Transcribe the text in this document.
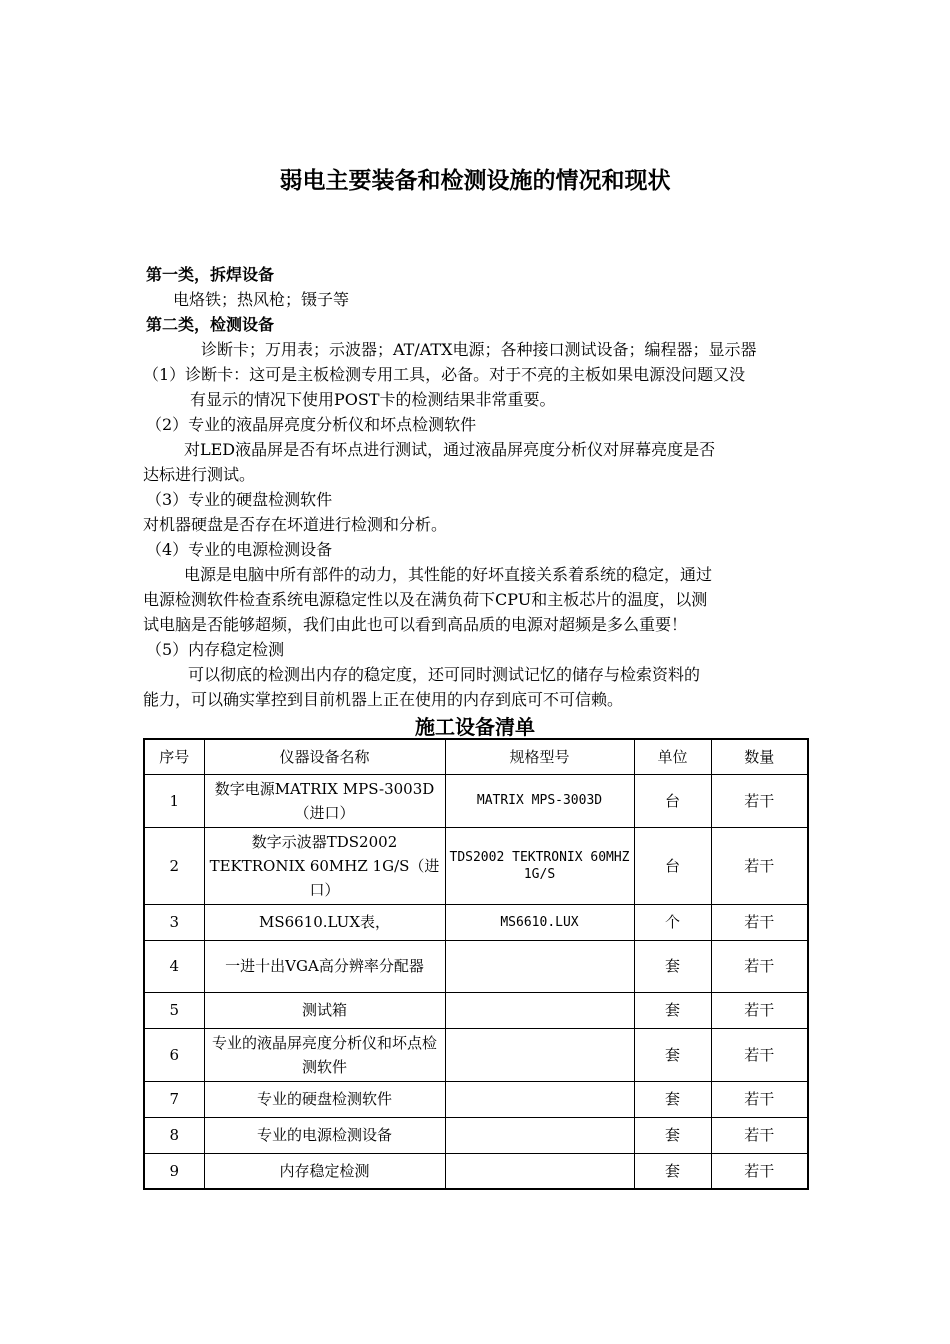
弱电主要装备和检测设施的情况和现状
第一类，拆焊设备
电烙铁；热风枪；镊子等
第二类，检测设备
诊断卡；万用表；示波器；AT/ATX电源；各种接口测试设备；编程器；显示器
（1）诊断卡：这可是主板检测专用工具，必备。对于不亮的主板如果电源没问题又没
有显示的情况下使用POST卡的检测结果非常重要。
（2）专业的液晶屏亮度分析仪和坏点检测软件
对LED液晶屏是否有坏点进行测试，通过液晶屏亮度分析仪对屏幕亮度是否
达标进行测试。
（3）专业的硬盘检测软件
对机器硬盘是否存在坏道进行检测和分析。
（4）专业的电源检测设备
电源是电脑中所有部件的动力，其性能的好坏直接关系着系统的稳定，通过
电源检测软件检查系统电源稳定性以及在满负荷下CPU和主板芯片的温度，以测
试电脑是否能够超频，我们由此也可以看到高品质的电源对超频是多么重要！
（5）内存稳定检测
可以彻底的检测出内存的稳定度，还可同时测试记忆的储存与检索资料的
能力，可以确实掌控到目前机器上正在使用的内存到底可不可信赖。
施工设备清单
序号	仪器设备名称	规格型号	单位	数量
1	数字电源MATRIX MPS-3003D（进口）	MATRIX MPS-3003D	台	若干
2	数字示波器TDS2002 TEKTRONIX 60MHZ 1G/S（进口）	TDS2002 TEKTRONIX 60MHZ 1G/S	台	若干
3	MS6610.LUX表，	MS6610.LUX	个	若干
4	一进十出VGA高分辨率分配器		套	若干
5	测试箱		套	若干
6	专业的液晶屏亮度分析仪和坏点检测软件		套	若干
7	专业的硬盘检测软件		套	若干
8	专业的电源检测设备		套	若干
9	内存稳定检测		套	若干
